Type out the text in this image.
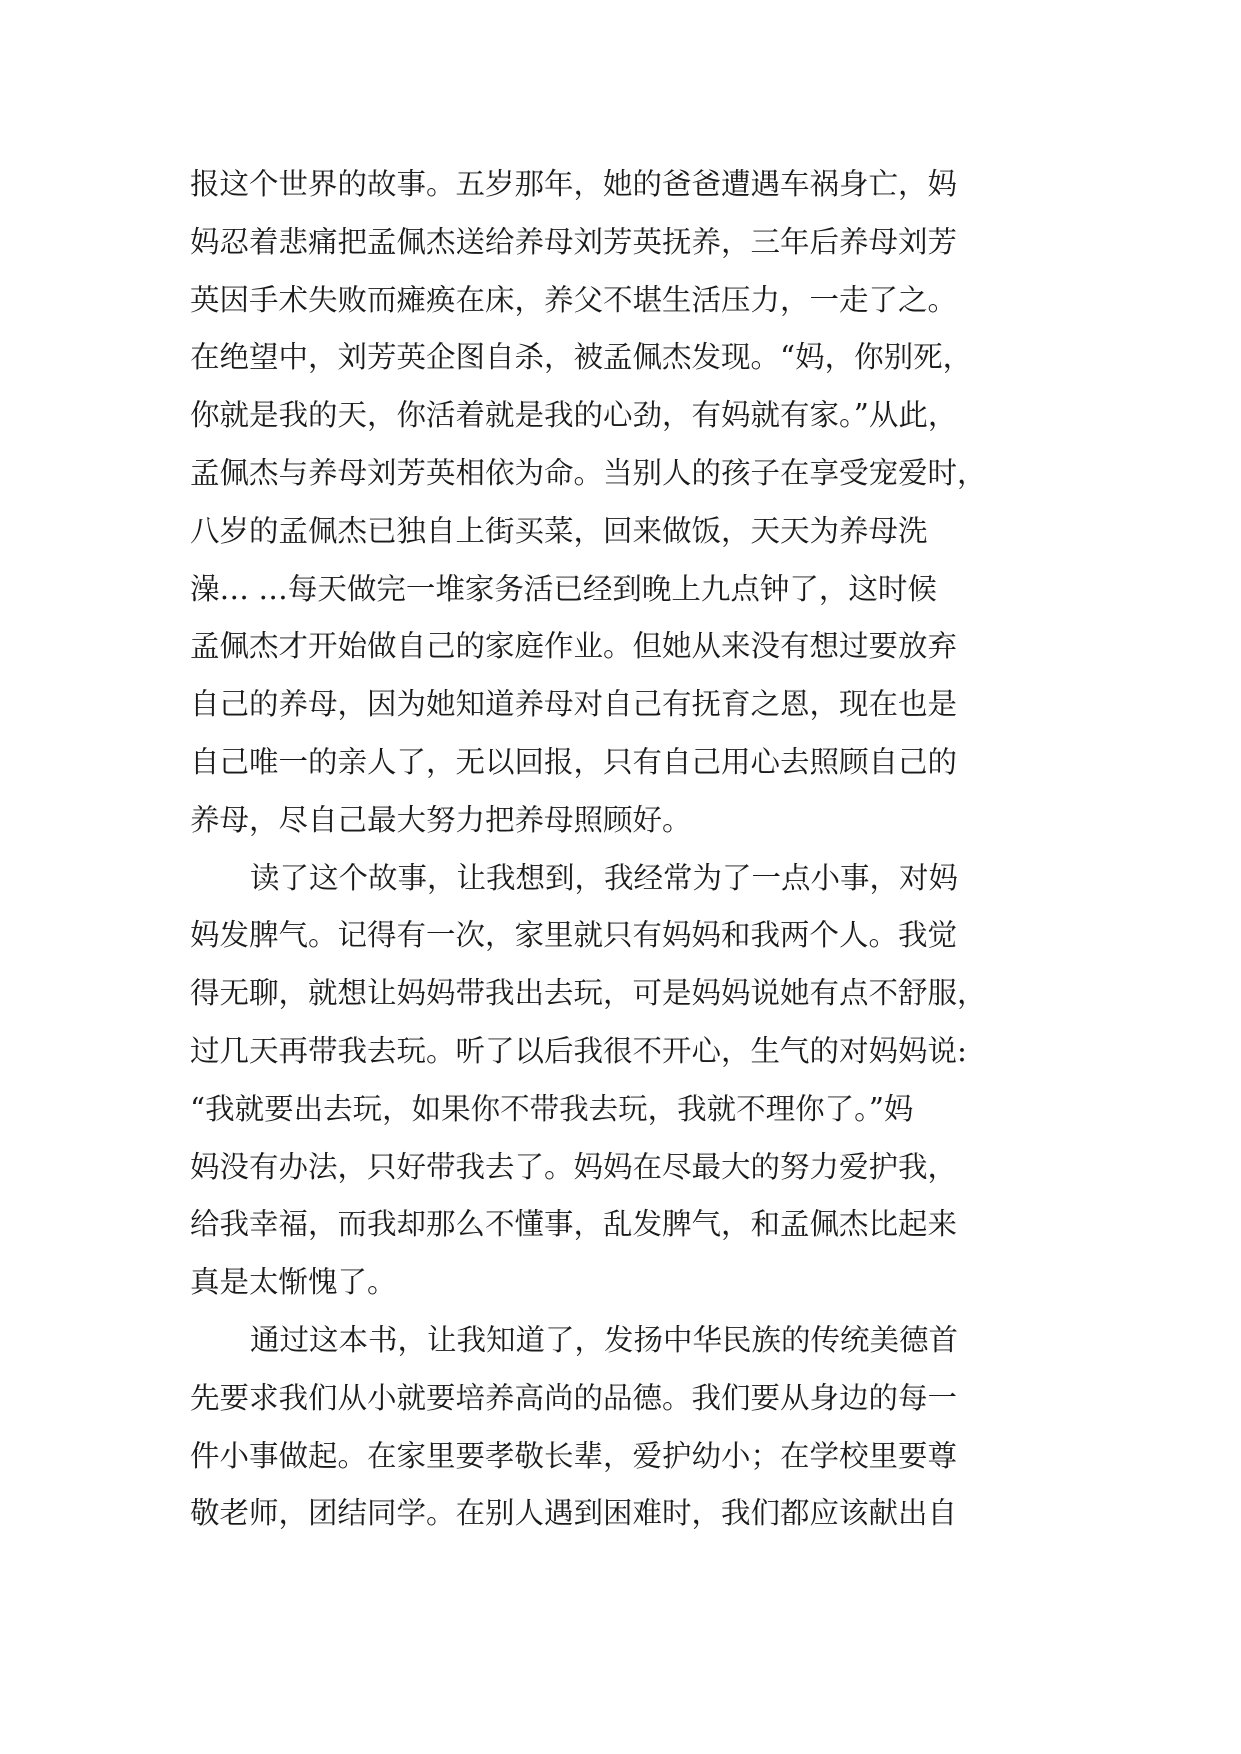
报这个世界的故事。五岁那年，她的爸爸遭遇车祸身亡，妈
妈忍着悲痛把孟佩杰送给养母刘芳英抚养，三年后养母刘芳
英因手术失败而瘫痪在床，养父不堪生活压力，一走了之。
在绝望中，刘芳英企图自杀，被孟佩杰发现。“妈，你别死，
你就是我的天，你活着就是我的心劲，有妈就有家。”从此，
孟佩杰与养母刘芳英相依为命。当别人的孩子在享受宠爱时，
八岁的孟佩杰已独自上街买菜，回来做饭，天天为养母洗
澡… …每天做完一堆家务活已经到晚上九点钟了，这时候
孟佩杰才开始做自己的家庭作业。但她从来没有想过要放弃
自己的养母，因为她知道养母对自己有抚育之恩，现在也是
自己唯一的亲人了，无以回报，只有自己用心去照顾自己的
养母，尽自己最大努力把养母照顾好。
读了这个故事，让我想到，我经常为了一点小事，对妈
妈发脾气。记得有一次，家里就只有妈妈和我两个人。我觉
得无聊，就想让妈妈带我出去玩，可是妈妈说她有点不舒服，
过几天再带我去玩。听了以后我很不开心，生气的对妈妈说:
“我就要出去玩，如果你不带我去玩，我就不理你了。”妈
妈没有办法，只好带我去了。妈妈在尽最大的努力爱护我，
给我幸福，而我却那么不懂事，乱发脾气，和孟佩杰比起来
真是太惭愧了。
通过这本书，让我知道了，发扬中华民族的传统美德首
先要求我们从小就要培养高尚的品德。我们要从身边的每一
件小事做起。在家里要孝敬长辈，爱护幼小；在学校里要尊
敬老师，团结同学。在别人遇到困难时，我们都应该献出自
